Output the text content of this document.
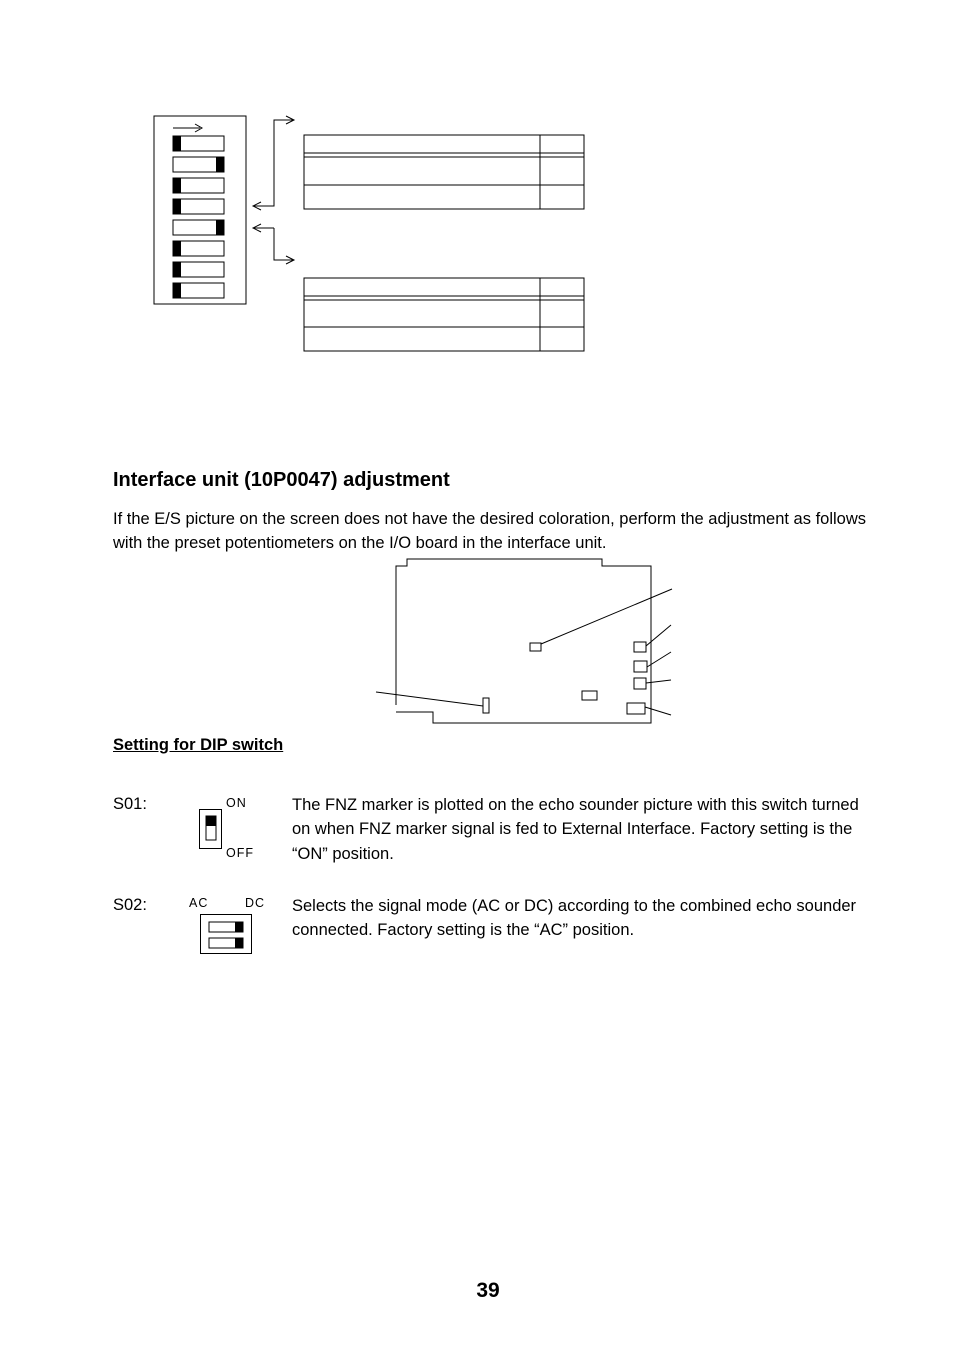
Interface unit (10P0047) adjustment
If the E/S picture on the screen does not have the desired coloration, perform the adjustment as follows with the preset potentiometers on the I/O board in the interface unit.
Setting for DIP switch
S01:	ON
OFF
The FNZ marker is plotted on the echo sounder picture with this switch turned on when FNZ marker signal is fed to External Interface. Factory setting is the “ON” position.
S02:	AC	DC Selects the signal mode (AC or DC) according to the combined echo sounder connected. Factory setting is the “AC” position.
39
